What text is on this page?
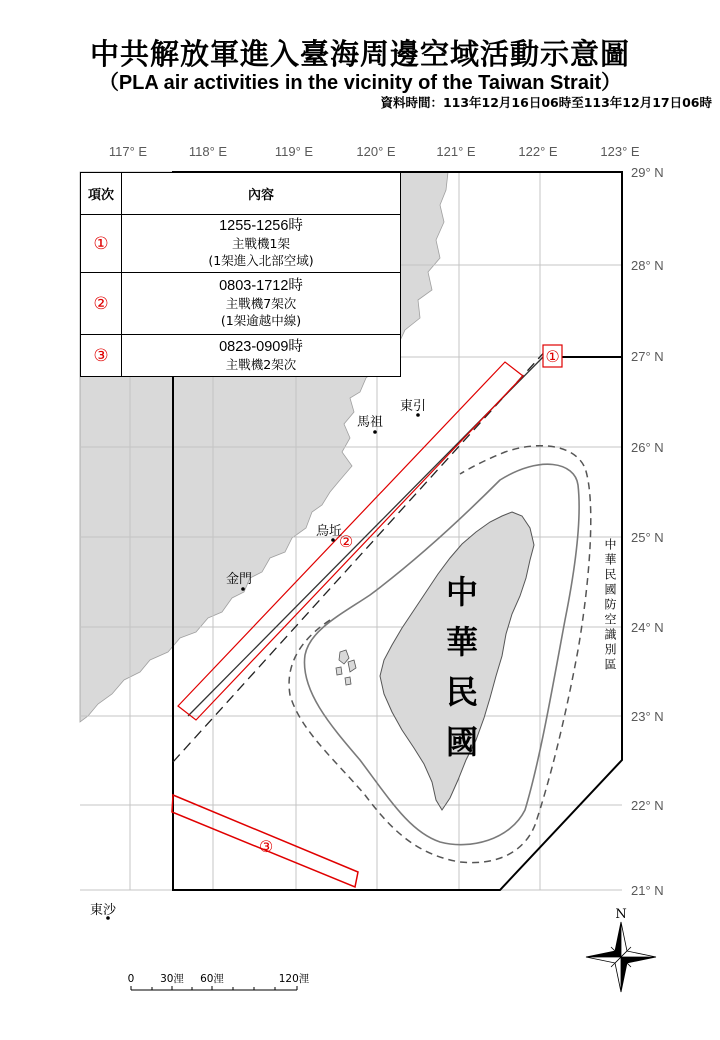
中共解放軍進入臺海周邊空域活動示意圖
（PLA air activities in the vicinity of the Taiwan Strait）
資料時間：113年12月16日06時至113年12月17日06時
①
②
③
馬祖
東引
烏坵
金門
東沙
117° E	118° E	119° E	120° E	121° E	122° E	123° E
29° N
28° N
27° N
26° N
25° N
24° N
23° N
22° N
21° N
0 30浬 60浬	120浬
N
項次	內容
①	1255-1256時
主戰機1架
(1架進入北部空域)

②	0803-1712時
主戰機7架次
(1架逾越中線)

③	0823-0909時
主戰機2架次
中華民國	中華民國防空識別區
